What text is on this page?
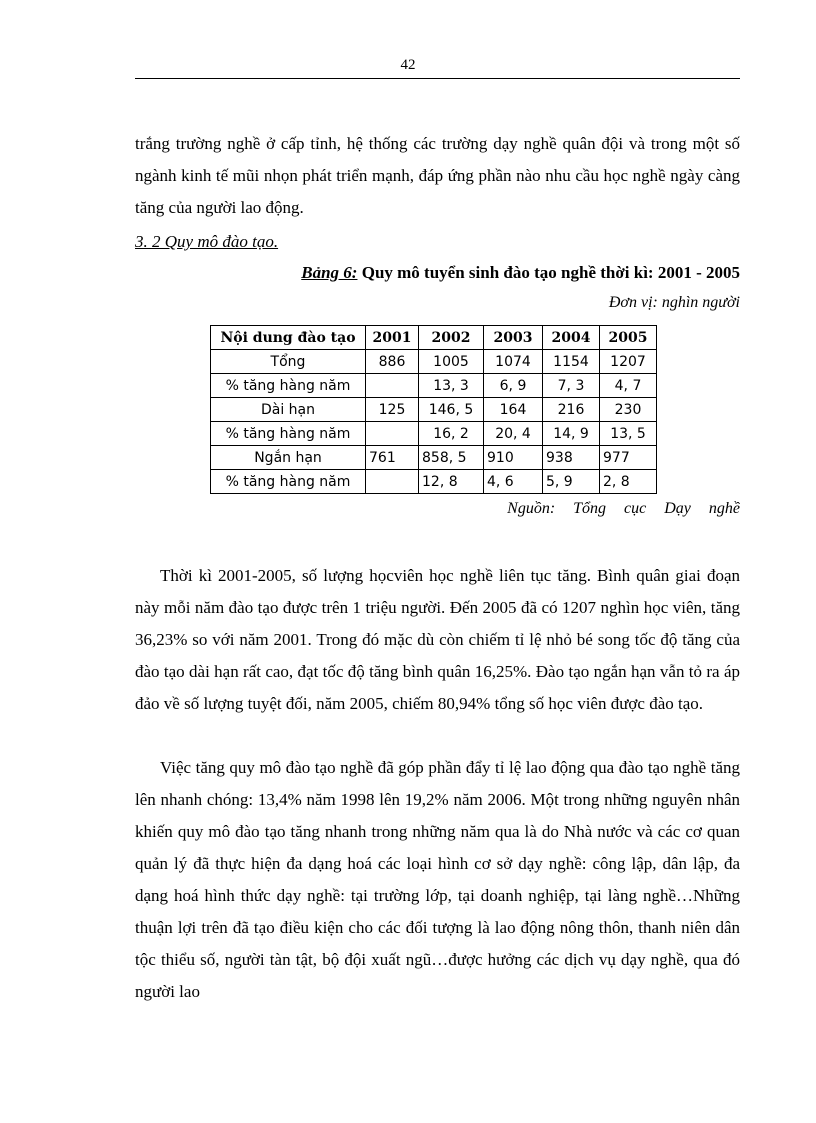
42
trắng trường nghề ở cấp tỉnh, hệ thống các trường dạy nghề quân đội và trong một số ngành kinh tế mũi nhọn phát triển mạnh, đáp ứng phần nào nhu cầu học nghề ngày càng tăng của người lao động.
3. 2 Quy mô đào tạo.
Bảng 6: Quy mô tuyển sinh đào tạo nghề thời kì: 2001 - 2005
Đơn vị: nghìn người
Nội dung đào tạo	2001	2002	2003	2004	2005
Tổng	886	1005	1074	1154	1207
% tăng hàng năm		13, 3	6, 9	7, 3	4, 7
Dài hạn	125	146, 5	164	216	230
% tăng hàng năm		16, 2	20, 4	14, 9	13, 5
Ngắn hạn	761	858, 5	910	938	977
% tăng hàng năm		12, 8	4, 6	5, 9	2, 8
Nguồn: Tổng cục Dạy nghề
Thời kì 2001-2005, số lượng họcviên học nghề liên tục tăng. Bình quân giai đoạn này mỗi năm đào tạo được trên 1 triệu người. Đến 2005 đã có 1207 nghìn học viên, tăng 36,23% so với năm 2001. Trong đó mặc dù còn chiếm tỉ lệ nhỏ bé song tốc độ tăng của đào tạo dài hạn rất cao, đạt tốc độ tăng bình quân 16,25%. Đào tạo ngắn hạn vẫn tỏ ra áp đảo về số lượng tuyệt đối, năm 2005, chiếm 80,94% tổng số học viên được đào tạo.
Việc tăng quy mô đào tạo nghề đã góp phần đẩy tỉ lệ lao động qua đào tạo nghề tăng lên nhanh chóng: 13,4% năm 1998 lên 19,2% năm 2006. Một trong những nguyên nhân khiến quy mô đào tạo tăng nhanh trong những năm qua là do Nhà nước và các cơ quan quản lý đã thực hiện đa dạng hoá các loại hình cơ sở dạy nghề: công lập, dân lập, đa dạng hoá hình thức dạy nghề: tại trường lớp, tại doanh nghiệp, tại làng nghề…Những thuận lợi trên đã tạo điều kiện cho các đối tượng là lao động nông thôn, thanh niên dân tộc thiểu số, người tàn tật, bộ đội xuất ngũ…được hưởng các dịch vụ dạy nghề, qua đó người lao
